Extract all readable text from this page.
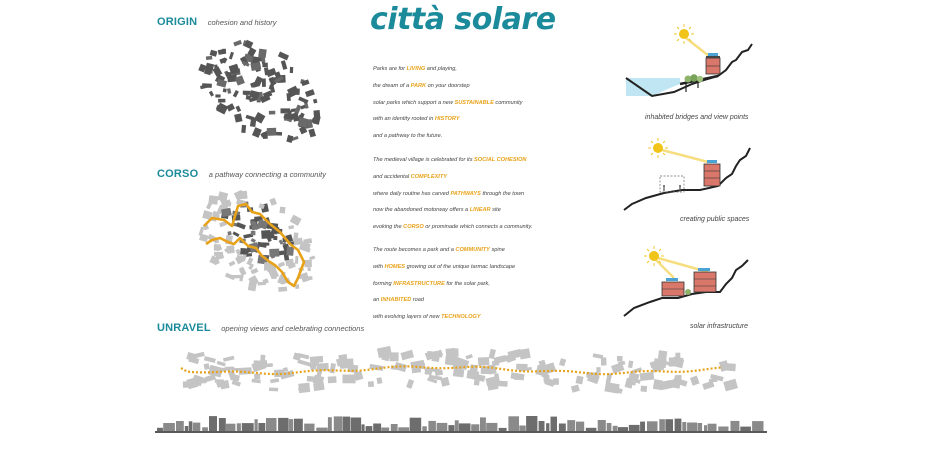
ORIGIN cohesion and history
CORSO a pathway connecting a community
UNRAVEL opening views and celebrating connections
città solare
Parks are for LIVING and playing,
the dream of a PARK on your doorstep
solar parks which support a new SUSTAINABLE community
with an identity rooted in HISTORY
and a pathway to the future.
The medieval village is celebrated for its SOCIAL COHESION
and accidental COMPLEXITY
where daily routine has carved PATHWAYS through the town
now the abandoned motorway offers a LINEAR site
evoking the CORSO or prominade which connects a community.
The route becomes a park and a COMMUNITY spine
with HOMES growing out of the unique tarmac landscape
forming INFRASTRUCTURE for the solar park,
an INHABITED road
with evolving layers of new TECHNOLOGY
inhabited bridges and view points
creating public spaces
solar infrastructure
